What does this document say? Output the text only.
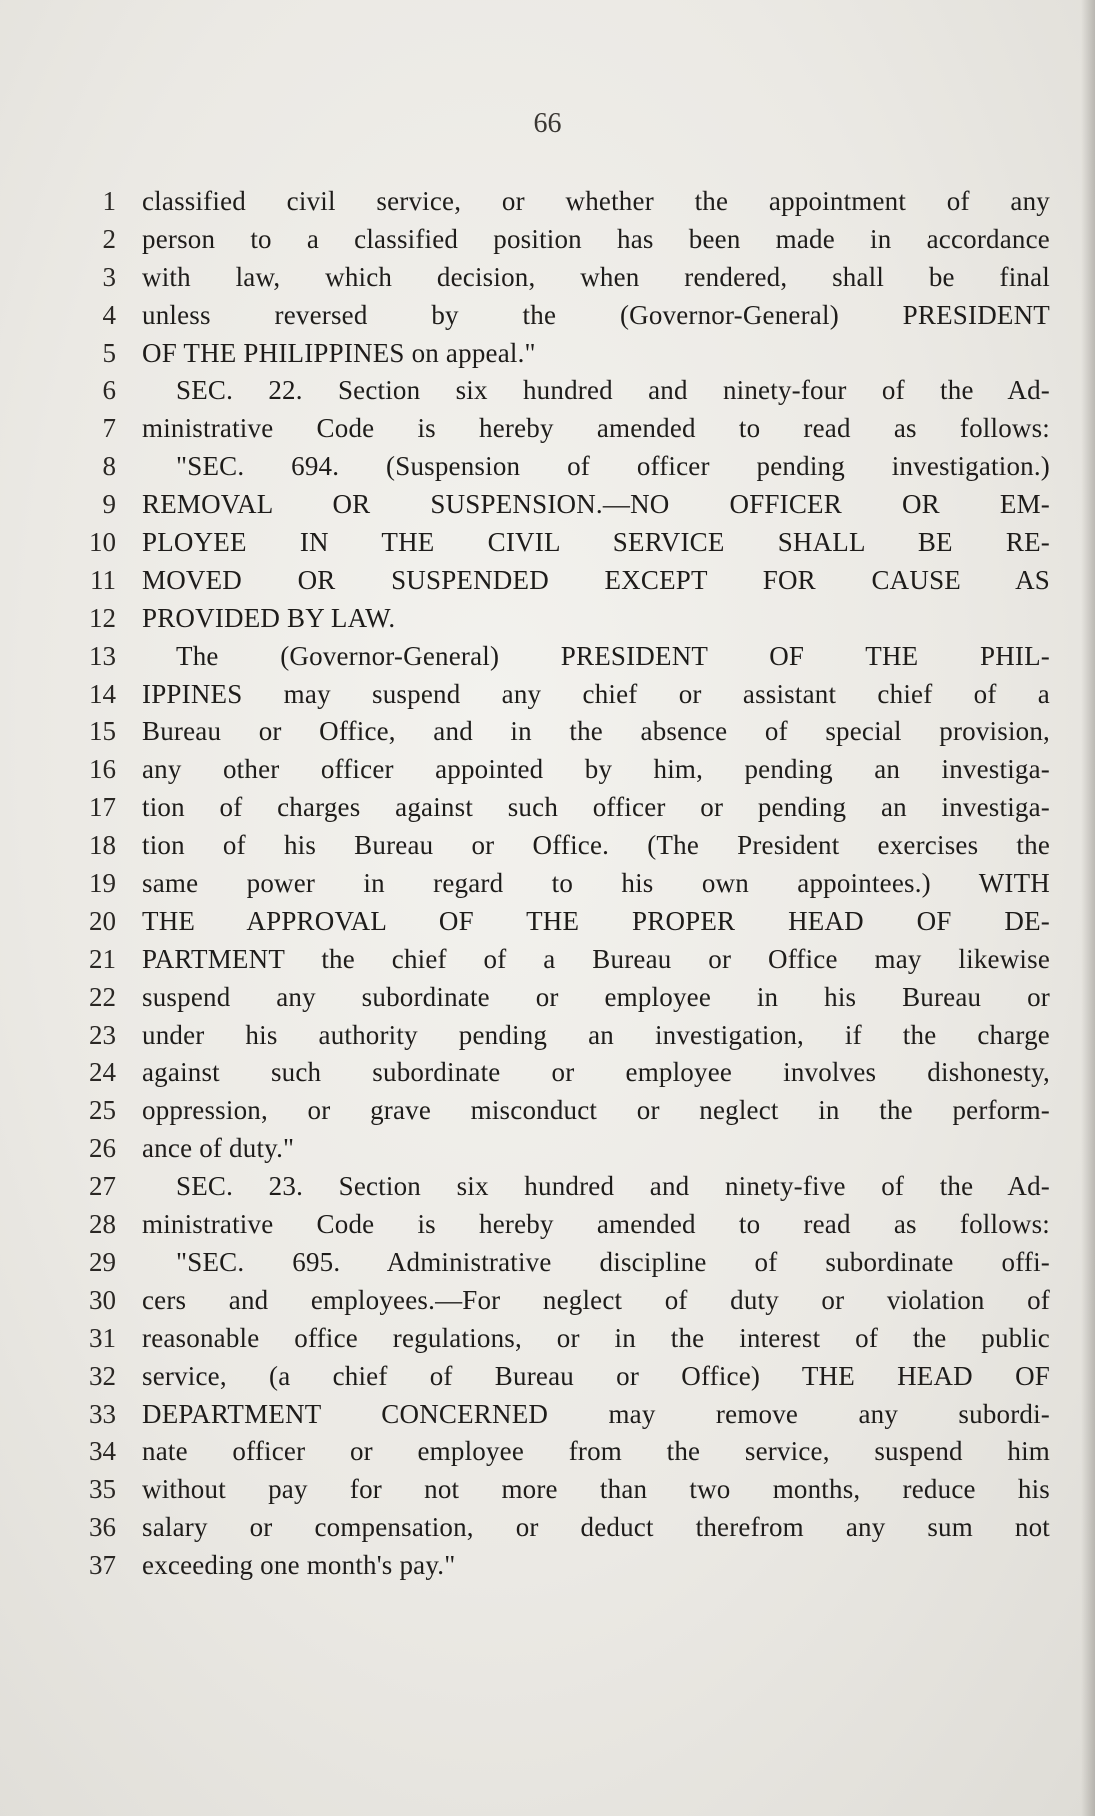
66
1 classified civil service, or whether the appointment of any
2 person to a classified position has been made in accordance
3 with law, which decision, when rendered, shall be final
4 unless reversed by the (Governor-General) PRESIDENT
5 OF THE PHILIPPINES on appeal."
6 SEC. 22. Section six hundred and ninety-four of the Ad-
7 ministrative Code is hereby amended to read as follows:
8 "SEC. 694. (Suspension of officer pending investigation.)
9 REMOVAL OR SUSPENSION.—NO OFFICER OR EM-
10 PLOYEE IN THE CIVIL SERVICE SHALL BE RE-
11 MOVED OR SUSPENDED EXCEPT FOR CAUSE AS
12 PROVIDED BY LAW.
13 The (Governor-General) PRESIDENT OF THE PHIL-
14 IPPINES may suspend any chief or assistant chief of a
15 Bureau or Office, and in the absence of special provision,
16 any other officer appointed by him, pending an investiga-
17 tion of charges against such officer or pending an investiga-
18 tion of his Bureau or Office. (The President exercises the
19 same power in regard to his own appointees.) WITH
20 THE APPROVAL OF THE PROPER HEAD OF DE-
21 PARTMENT the chief of a Bureau or Office may likewise
22 suspend any subordinate or employee in his Bureau or
23 under his authority pending an investigation, if the charge
24 against such subordinate or employee involves dishonesty,
25 oppression, or grave misconduct or neglect in the perform-
26 ance of duty."
27 SEC. 23. Section six hundred and ninety-five of the Ad-
28 ministrative Code is hereby amended to read as follows:
29 "SEC. 695. Administrative discipline of subordinate offi-
30 cers and employees.—For neglect of duty or violation of
31 reasonable office regulations, or in the interest of the public
32 service, (a chief of Bureau or Office) THE HEAD OF
33 DEPARTMENT CONCERNED may remove any subordi-
34 nate officer or employee from the service, suspend him
35 without pay for not more than two months, reduce his
36 salary or compensation, or deduct therefrom any sum not
37 exceeding one month's pay."
